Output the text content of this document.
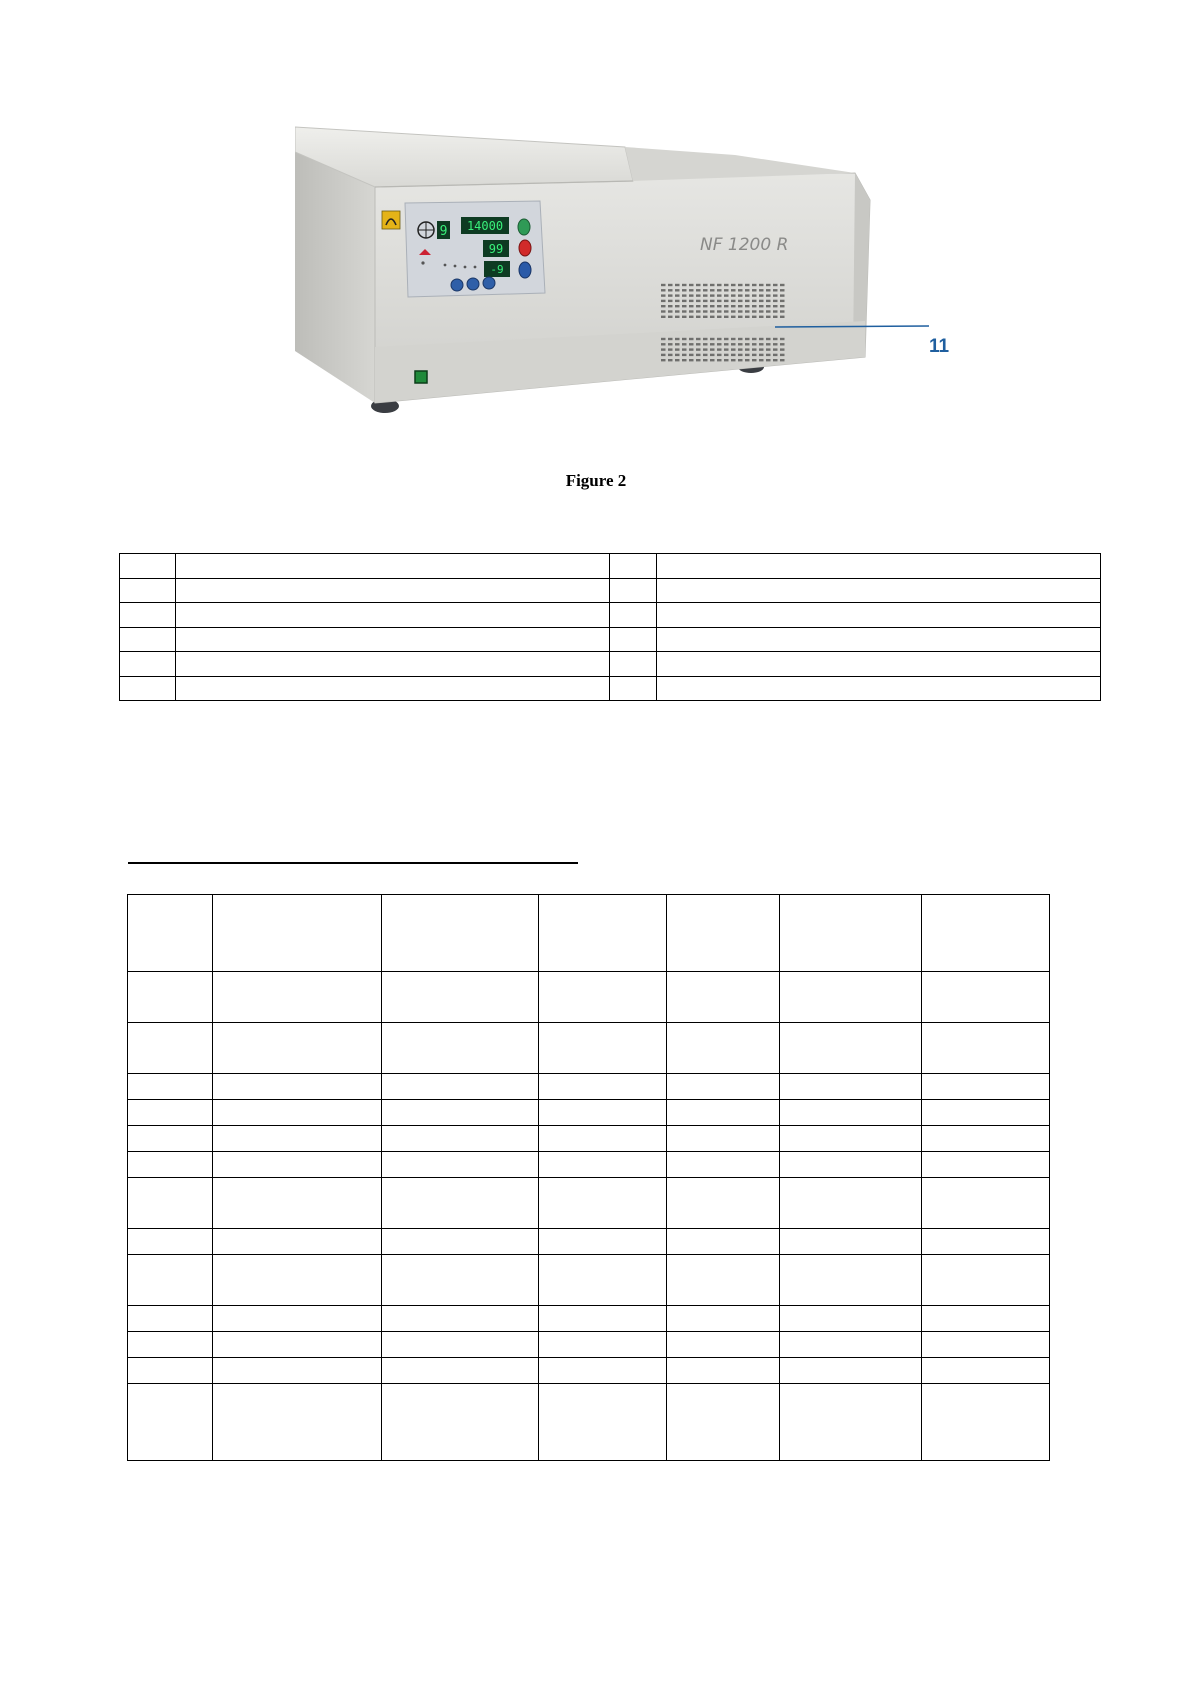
9 14000
99
-9
NF 1200 R
11
Figure 2
